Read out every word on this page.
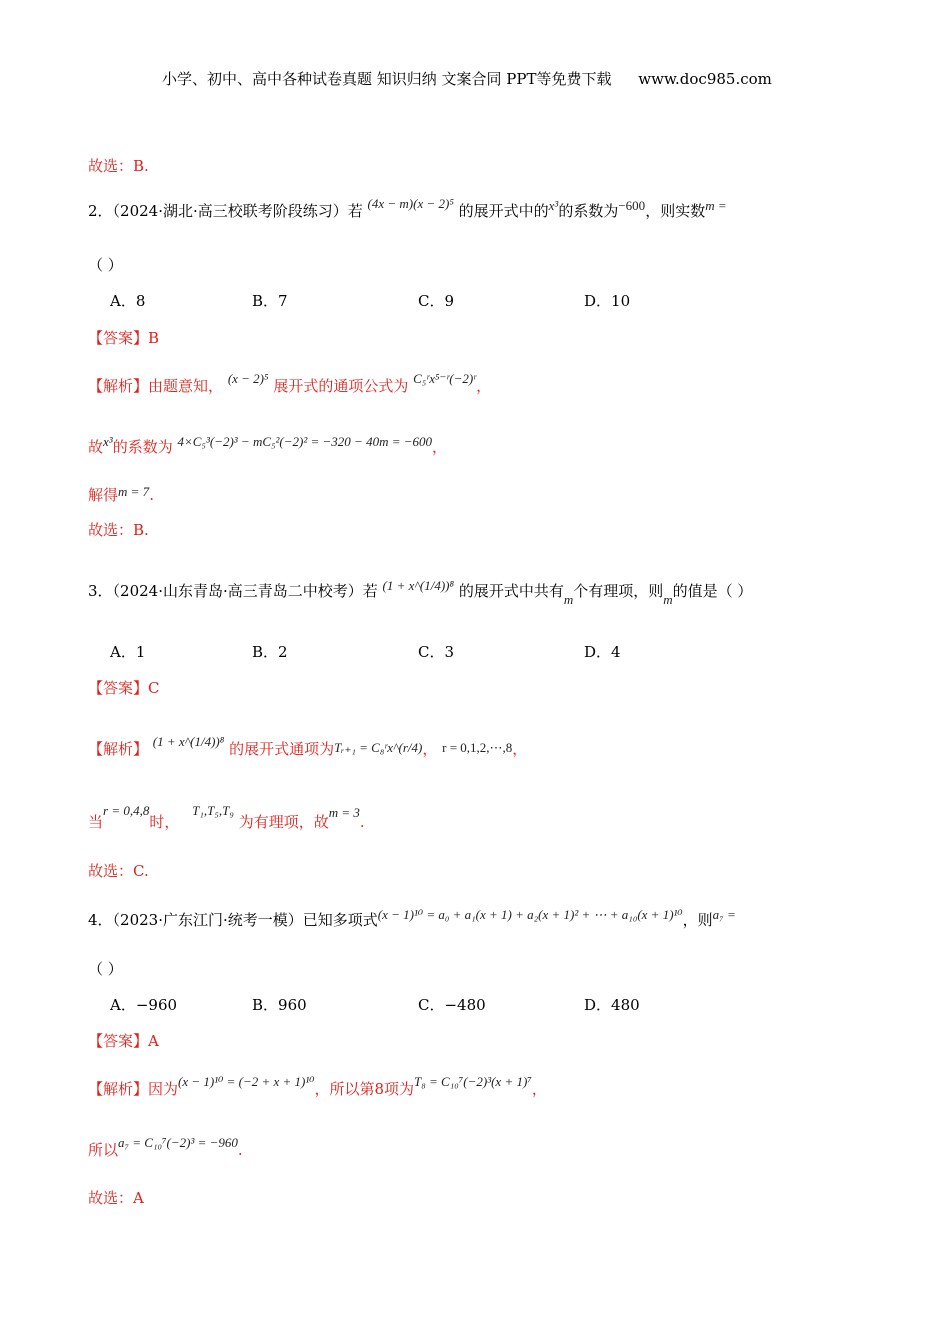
小学、初中、高中各种试卷真题 知识归纳 文案合同 PPT等免费下载 www.doc985.com
故选：B.
2．（2024·湖北·高三校联考阶段练习）若 (4x − m)(x − 2)⁵ 的展开式中的x³的系数为−600，则实数m =
（ ）
A．8	B．7	C．9	D．10
【答案】B
【解析】由题意知， (x − 2)⁵ 展开式的通项公式为 C₅ʳx⁵⁻ʳ(−2)ʳ，
故x³的系数为 4×C₅³(−2)³ − mC₅²(−2)² = −320 − 40m = −600，
解得m = 7.
故选：B.
3．（2024·山东青岛·高三青岛二中校考）若 (1 + x^(1/4))⁸ 的展开式中共有m个有理项，则m的值是（ ）
A．1	B．2	C．3	D．4
【答案】C
【解析】 (1 + x^(1/4))⁸ 的展开式通项为Tᵣ₊₁ = C₈ʳx^(r/4)， r = 0,1,2,⋯,8，
当r = 0,4,8时， T₁,T₅,T₉ 为有理项，故m = 3.
故选：C.
4．（2023·广东江门·统考一模）已知多项式(x − 1)¹⁰ = a₀ + a₁(x + 1) + a₂(x + 1)² + ⋯ + a₁₀(x + 1)¹⁰，则a₇ =
（ ）
A．−960	B．960	C．−480	D．480
【答案】A
【解析】因为(x − 1)¹⁰ = (−2 + x + 1)¹⁰，所以第8项为T₈ = C₁₀⁷(−2)³(x + 1)⁷，
所以a₇ = C₁₀⁷(−2)³ = −960.
故选：A
